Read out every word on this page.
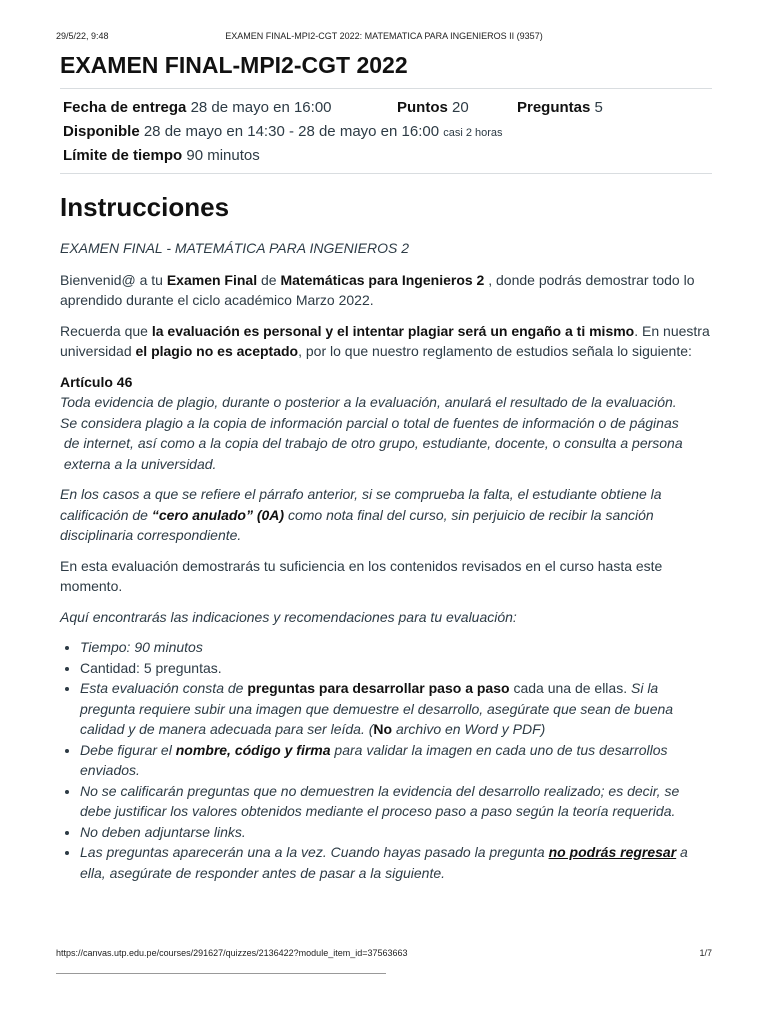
29/5/22, 9:48	EXAMEN FINAL-MPI2-CGT 2022: MATEMATICA PARA INGENIEROS II (9357)
EXAMEN FINAL-MPI2-CGT 2022
Fecha de entrega 28 de mayo en 16:00	Puntos 20	Preguntas 5
Disponible 28 de mayo en 14:30 - 28 de mayo en 16:00 casi 2 horas
Límite de tiempo 90 minutos
Instrucciones

EXAMEN FINAL - MATEMÁTICA PARA INGENIEROS 2

Bienvenid@ a tu Examen Final de Matemáticas para Ingenieros 2 , donde podrás demostrar todo lo aprendido durante el ciclo académico Marzo 2022.

Recuerda que la evaluación es personal y el intentar plagiar será un engaño a ti mismo. En nuestra universidad el plagio no es aceptado, por lo que nuestro reglamento de estudios señala lo siguiente:

Artículo 46
Toda evidencia de plagio, durante o posterior a la evaluación, anulará el resultado de la evaluación.
Se considera plagio a la copia de información parcial o total de fuentes de información o de páginas
de internet, así como a la copia del trabajo de otro grupo, estudiante, docente, o consulta a persona
externa a la universidad.

En los casos a que se refiere el párrafo anterior, si se comprueba la falta, el estudiante obtiene la calificación de “cero anulado” (0A) como nota final del curso, sin perjuicio de recibir la sanción disciplinaria correspondiente.

En esta evaluación demostrarás tu suficiencia en los contenidos revisados en el curso hasta este momento.

Aquí encontrarás las indicaciones y recomendaciones para tu evaluación:

• Tiempo: 90 minutos
• Cantidad: 5 preguntas.
• Esta evaluación consta de preguntas para desarrollar paso a paso cada una de ellas. Si la pregunta requiere subir una imagen que demuestre el desarrollo, asegúrate que sean de buena calidad y de manera adecuada para ser leída. (No archivo en Word y PDF)
• Debe figurar el nombre, código y firma para validar la imagen en cada uno de tus desarrollos enviados.
• No se calificarán preguntas que no demuestren la evidencia del desarrollo realizado; es decir, se debe justificar los valores obtenidos mediante el proceso paso a paso según la teoría requerida.
• No deben adjuntarse links.
• Las preguntas aparecerán una a la vez. Cuando hayas pasado la pregunta no podrás regresar a ella, asegúrate de responder antes de pasar a la siguiente.
https://canvas.utp.edu.pe/courses/291627/quizzes/2136422?module_item_id=37563663	1/7
